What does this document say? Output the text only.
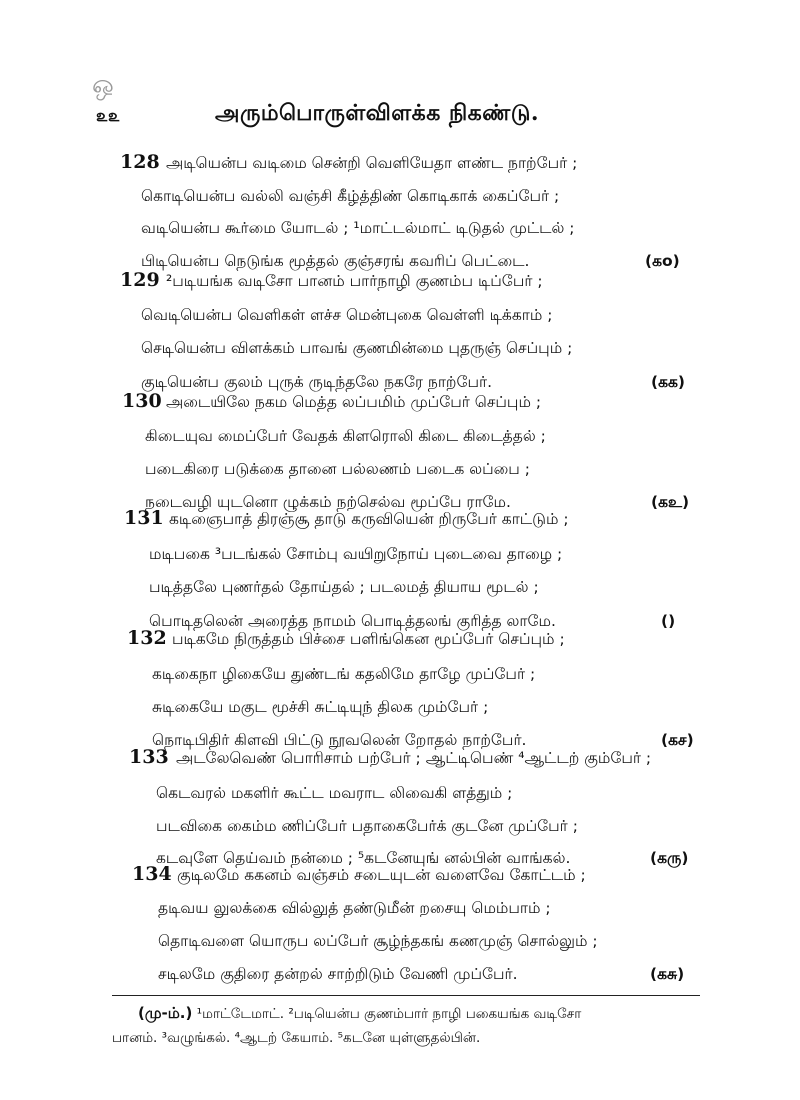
ஒ
௨௨	அரும்பொருள்விளக்க நிகண்டு.
128 அடியென்ப வடிமை சென்றி வெளியேதா ளண்ட நாற்பேர் ;
கொடியென்ப வல்லி வஞ்சி கீழ்த்திண் கொடிகாக் கைப்பேர் ;
வடியென்ப கூர்மை யோடல் ; ¹மாட்டல்மாட் டிடுதல் முட்டல் ;
பிடியென்ப நெடுங்க மூத்தல் குஞ்சரங் கவரிப் பெட்டை.	(கo)
129 ²படியங்க வடிசோ பானம் பார்நாழி குணம்ப டிப்பேர் ;
வெடியென்ப வெளிகள் ளச்ச மென்புகை வெள்ளி டிக்காம் ;
செடியென்ப விளக்கம் பாவங் குணமின்மை புதருஞ் செப்பும் ;
குடியென்ப குலம் புருக் ருடிந்தலே நகரே நாற்பேர்.	(கக)
130 அடையிலே நகம மெத்த லப்பமிம் முப்பேர் செப்பும் ;
கிடையுவ மைப்பேர் வேதக் கிளரொலி கிடை கிடைத்தல் ;
படைகிரை படுக்கை தானை பல்லணம் படைக லப்பை ;
நடைவழி யுடனொ ழுக்கம் நற்செல்வ மூப்பே ராமே.	(கஉ)
131 கடிஞைபாத் திரஞ்சூ தாடு கருவியென் றிருபேர் காட்டும் ;
மடிபகை ³படங்கல் சோம்பு வயிறுநோய் புடைவை தாழை ;
படித்தலே புணர்தல் தோய்தல் ; படலமத் தியாய மூடல் ;
பொடிதலென் அரைத்த நாமம் பொடித்தலங் குரித்த லாமே.	()
132 படிகமே நிருத்தம் பிச்சை பளிங்கென மூப்பேர் செப்பும் ;
கடிகைநா ழிகையே துண்டங் கதலிமே தாழே முப்பேர் ;
சுடிகையே மகுட மூச்சி சுட்டியுந் திலக மும்பேர் ;
நொடிபிதிர் கிளவி பிட்டு நூவலென் றோதல் நாற்பேர்.	(கச)
133 அடலேவெண் பொரிசாம் பற்பேர் ; ஆட்டிபெண் ⁴ஆட்டற் கும்பேர் ;
கெடவரல் மகளிர் கூட்ட மவராட லிவைகி ளத்தும் ;
படவிகை கைம்ம ணிப்பேர் பதாகைபேர்க் குடனே முப்பேர் ;
கடவுளே தெய்வம் நன்மை ; ⁵கடனேயுங் னல்பின் வாங்கல்.	(கரு)
134 குடிலமே ககனம் வஞ்சம் சடையுடன் வளைவே கோட்டம் ;
தடிவய லுலக்கை வில்லுத் தண்டுமீன் றசையு மெம்பாம் ;
தொடிவளை யொருப லப்பேர் சூழ்ந்தகங் கணமுஞ் சொல்லும் ;
சடிலமே குதிரை தன்றல் சாற்றிடும் வேணி முப்பேர்.	(கசு)
(மு-ம்.) ¹மாட்டேமாட். ²படியென்ப குணம்பார் நாழி பகையங்க வடிசோ
பானம். ³வழுங்கல். ⁴ஆடற் கேயாம். ⁵கடனே யுள்ளுதல்பின்.
